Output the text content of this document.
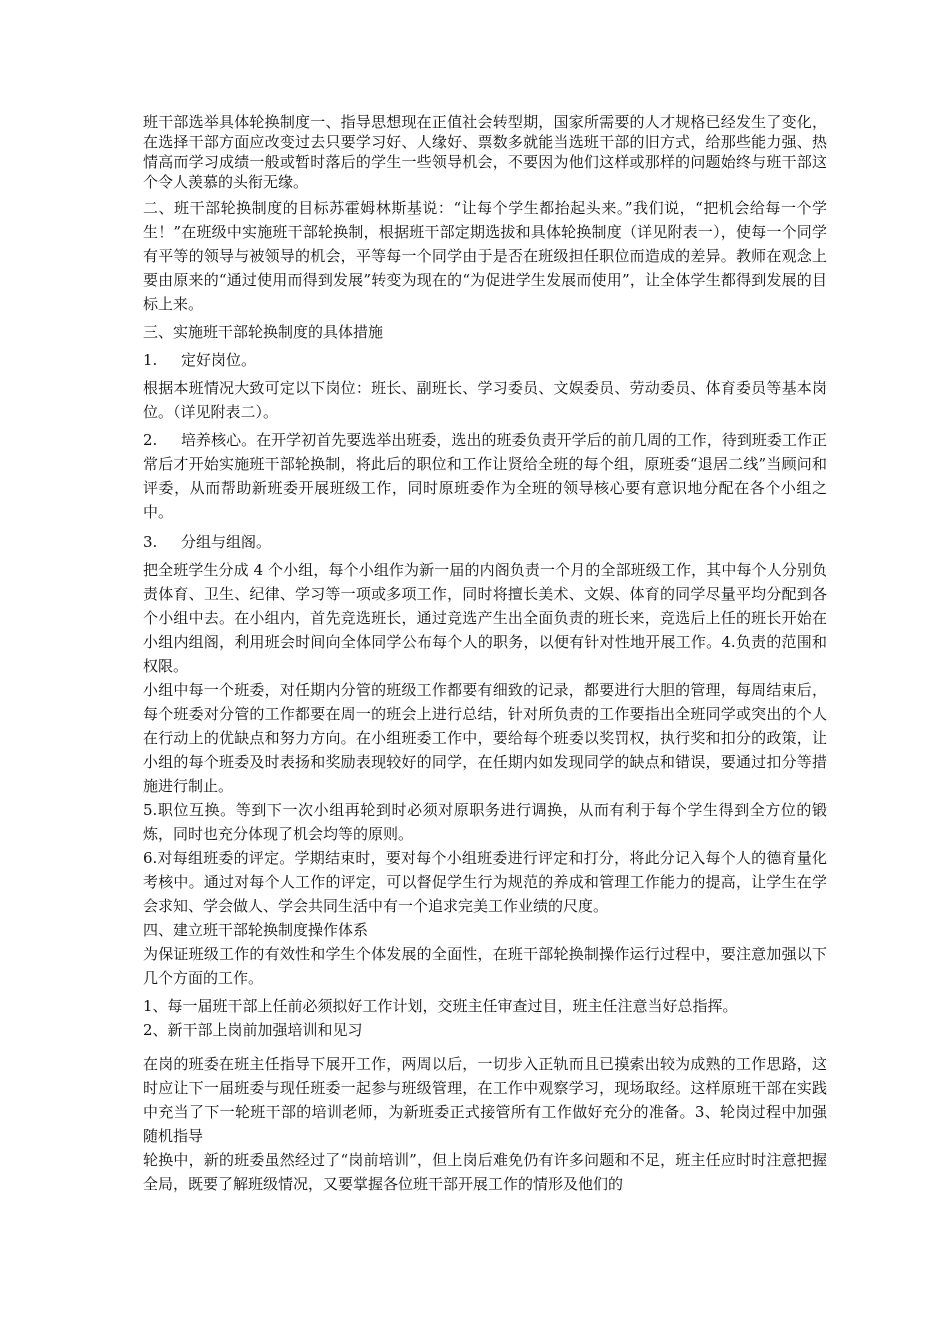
班干部选举具体轮换制度一、指导思想现在正值社会转型期，国家所需要的人才规格已经发生了变化，在选择干部方面应改变过去只要学习好、人缘好、票数多就能当选班干部的旧方式，给那些能力强、热情高而学习成绩一般或暂时落后的学生一些领导机会，不要因为他们这样或那样的问题始终与班干部这个令人羡慕的头衔无缘。

二、班干部轮换制度的目标苏霍姆林斯基说：“让每个学生都抬起头来。”我们说，“把机会给每一个学生！”在班级中实施班干部轮换制，根据班干部定期选拔和具体轮换制度（详见附表一），使每一个同学有平等的领导与被领导的机会，平等每一个同学由于是否在班级担任职位而造成的差异。教师在观念上要由原来的“通过使用而得到发展”转变为现在的“为促进学生发展而使用”，让全体学生都得到发展的目标上来。

三、实施班干部轮换制度的具体措施

1. 定好岗位。

根据本班情况大致可定以下岗位：班长、副班长、学习委员、文娱委员、劳动委员、体育委员等基本岗位。（详见附表二）。

2. 培养核心。在开学初首先要选举出班委，选出的班委负责开学后的前几周的工作，待到班委工作正常后才开始实施班干部轮换制，将此后的职位和工作让贤给全班的每个组，原班委“退居二线”当顾问和评委，从而帮助新班委开展班级工作，同时原班委作为全班的领导核心要有意识地分配在各个小组之中。

3. 分组与组阁。

把全班学生分成 4 个小组，每个小组作为新一届的内阁负责一个月的全部班级工作，其中每个人分别负责体育、卫生、纪律、学习等一项或多项工作，同时将擅长美术、文娱、体育的同学尽量平均分配到各个小组中去。在小组内，首先竞选班长，通过竞选产生出全面负责的班长来，竞选后上任的班长开始在小组内组阁，利用班会时间向全体同学公布每个人的职务，以便有针对性地开展工作。4.负责的范围和权限。

小组中每一个班委，对任期内分管的班级工作都要有细致的记录，都要进行大胆的管理，每周结束后，每个班委对分管的工作都要在周一的班会上进行总结，针对所负责的工作要指出全班同学或突出的个人在行动上的优缺点和努力方向。在小组班委工作中，要给每个班委以奖罚权，执行奖和扣分的政策，让小组的每个班委及时表扬和奖励表现较好的同学，在任期内如发现同学的缺点和错误，要通过扣分等措施进行制止。

5.职位互换。等到下一次小组再轮到时必须对原职务进行调换，从而有利于每个学生得到全方位的锻炼，同时也充分体现了机会均等的原则。

6.对每组班委的评定。学期结束时，要对每个小组班委进行评定和打分，将此分记入每个人的德育量化考核中。通过对每个人工作的评定，可以督促学生行为规范的养成和管理工作能力的提高，让学生在学会求知、学会做人、学会共同生活中有一个追求完美工作业绩的尺度。

四、建立班干部轮换制度操作体系

为保证班级工作的有效性和学生个体发展的全面性，在班干部轮换制操作运行过程中，要注意加强以下几个方面的工作。

1、每一届班干部上任前必须拟好工作计划，交班主任审查过目，班主任注意当好总指挥。

2、新干部上岗前加强培训和见习

在岗的班委在班主任指导下展开工作，两周以后，一切步入正轨而且已摸索出较为成熟的工作思路，这时应让下一届班委与现任班委一起参与班级管理，在工作中观察学习，现场取经。这样原班干部在实践中充当了下一轮班干部的培训老师，为新班委正式接管所有工作做好充分的准备。3、轮岗过程中加强随机指导

轮换中，新的班委虽然经过了“岗前培训”，但上岗后难免仍有许多问题和不足，班主任应时时注意把握全局，既要了解班级情况，又要掌握各位班干部开展工作的情形及他们的
